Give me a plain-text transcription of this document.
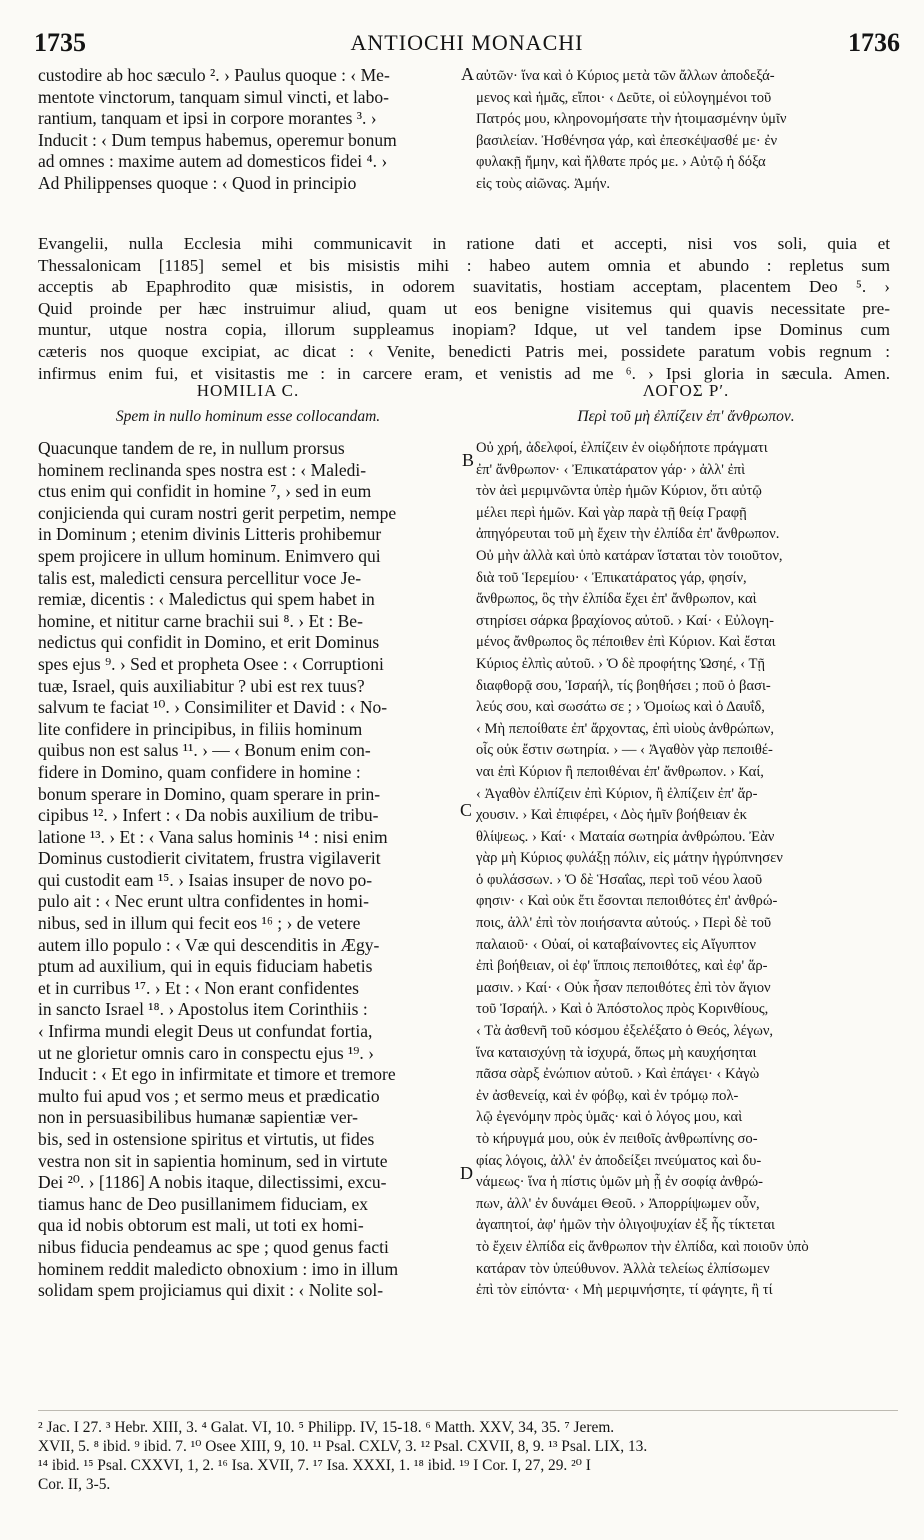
1735	ANTIOCHI MONACHI	1736
custodire ab hoc sæculo ². › Paulus quoque : ‹ Me-
mentote vinctorum, tanquam simul vincti, et labo-
rantium, tanquam et ipsi in corpore morantes ³. ›
Inducit : ‹ Dum tempus habemus, operemur bonum
ad omnes : maxime autem ad domesticos fidei ⁴. ›
Ad Philippenses quoque : ‹ Quod in principio
A αὐτῶν· ἵνα καὶ ὁ Κύριος μετὰ τῶν ἄλλων ἀποδεξά-
μενος καὶ ἡμᾶς, εἴποι· ‹ Δεῦτε, οἱ εὐλογημένοι τοῦ
Πατρός μου, κληρονομήσατε τὴν ἡτοιμασμένην ὑμῖν
βασιλείαν. Ἠσθένησα γάρ, καὶ ἐπεσκέψασθέ με· ἐν
φυλακῇ ἤμην, καὶ ἤλθατε πρός με. › Αὐτῷ ἡ δόξα
εἰς τοὺς αἰῶνας. Ἀμήν.
Evangelii, nulla Ecclesia mihi communicavit in ratione dati et accepti, nisi vos soli, quia et
Thessalonicam [1185] semel et bis misistis mihi : habeo autem omnia et abundo : repletus sum
acceptis ab Epaphrodito quæ misistis, in odorem suavitatis, hostiam acceptam, placentem Deo ⁵. ›
Quid proinde per hæc instruimur aliud, quam ut eos benigne visitemus qui quavis necessitate pre-
muntur, utque nostra copia, illorum suppleamus inopiam? Idque, ut vel tandem ipse Dominus cum
cæteris nos quoque excipiat, ac dicat : ‹ Venite, benedicti Patris mei, possidete paratum vobis regnum :
infirmus enim fui, et visitastis me : in carcere eram, et venistis ad me ⁶. › Ipsi gloria in sæcula. Amen.
HOMILIA C.
Spem in nullo hominum esse collocandam.
ΛΟΓΟΣ Ρʹ.
Περὶ τοῦ μὴ ἐλπίζειν ἐπ' ἄνθρωπον.
Quacunque tandem de re, in nullum prorsus
hominem reclinanda spes nostra est : ‹ Maledi-
ctus enim qui confidit in homine ⁷, › sed in eum
conjicienda qui curam nostri gerit perpetim, nempe
in Dominum ; etenim divinis Litteris prohibemur
spem projicere in ullum hominum. Enimvero qui
talis est, maledicti censura percellitur voce Je-
remiæ, dicentis : ‹ Maledictus qui spem habet in
homine, et nititur carne brachii sui ⁸. › Et : Be-
nedictus qui confidit in Domino, et erit Dominus
spes ejus ⁹. › Sed et propheta Osee : ‹ Corruptioni
tuæ, Israel, quis auxiliabitur ? ubi est rex tuus?
salvum te faciat ¹⁰. › Consimiliter et David : ‹ No-
lite confidere in principibus, in filiis hominum
quibus non est salus ¹¹. › — ‹ Bonum enim con-
fidere in Domino, quam confidere in homine :
bonum sperare in Domino, quam sperare in prin-
cipibus ¹². › Infert : ‹ Da nobis auxilium de tribu-
latione ¹³. › Et : ‹ Vana salus hominis ¹⁴ : nisi enim
Dominus custodierit civitatem, frustra vigilaverit
qui custodit eam ¹⁵. › Isaias insuper de novo po-
pulo ait : ‹ Nec erunt ultra confidentes in homi-
nibus, sed in illum qui fecit eos ¹⁶ ; › de vetere
autem illo populo : ‹ Væ qui descenditis in Ægy-
ptum ad auxilium, qui in equis fiduciam habetis
et in curribus ¹⁷. › Et : ‹ Non erant confidentes
in sancto Israel ¹⁸. › Apostolus item Corinthiis :
‹ Infirma mundi elegit Deus ut confundat fortia,
ut ne glorietur omnis caro in conspectu ejus ¹⁹. ›
Inducit : ‹ Et ego in infirmitate et timore et tremore
multo fui apud vos ; et sermo meus et prædicatio
non in persuasibilibus humanæ sapientiæ ver-
bis, sed in ostensione spiritus et virtutis, ut fides
vestra non sit in sapientia hominum, sed in virtute
Dei ²⁰. › [1186] A nobis itaque, dilectissimi, excu-
tiamus hanc de Deo pusillanimem fiduciam, ex
qua id nobis obtorum est mali, ut toti ex homi-
nibus fiducia pendeamus ac spe ; quod genus facti
hominem reddit maledicto obnoxium : imo in illum
solidam spem projiciamus qui dixit : ‹ Nolite sol-
B
C
D
Οὐ χρή, ἀδελφοί, ἐλπίζειν ἐν οἱῳδήποτε πράγματι
ἐπ' ἄνθρωπον· ‹ Ἐπικατάρατον γάρ· › ἀλλ' ἐπὶ
τὸν ἀεὶ μεριμνῶντα ὑπὲρ ἡμῶν Κύριον, ὅτι αὐτῷ
μέλει περὶ ἡμῶν. Καὶ γὰρ παρὰ τῇ θείᾳ Γραφῇ
ἀπηγόρευται τοῦ μὴ ἔχειν τὴν ἐλπίδα ἐπ' ἄνθρωπον.
Οὐ μὴν ἀλλὰ καὶ ὑπὸ κατάραν ἵσταται τὸν τοιοῦτον,
διὰ τοῦ Ἱερεμίου· ‹ Ἐπικατάρατος γάρ, φησίν,
ἄνθρωπος, ὃς τὴν ἐλπίδα ἔχει ἐπ' ἄνθρωπον, καὶ
στηρίσει σάρκα βραχίονος αὐτοῦ. › Καί· ‹ Εὐλογη-
μένος ἄνθρωπος ὃς πέποιθεν ἐπὶ Κύριον. Καὶ ἔσται
Κύριος ἐλπὶς αὐτοῦ. › Ὁ δὲ προφήτης Ὠσηέ, ‹ Τῇ
διαφθορᾷ σου, Ἰσραήλ, τίς βοηθήσει ; ποῦ ὁ βασι-
λεύς σου, καὶ σωσάτω σε ; › Ὁμοίως καὶ ὁ Δαυΐδ,
‹ Μὴ πεποίθατε ἐπ' ἄρχοντας, ἐπὶ υἱοὺς ἀνθρώπων,
οἷς οὐκ ἔστιν σωτηρία. › — ‹ Ἀγαθὸν γὰρ πεποιθέ-
ναι ἐπὶ Κύριον ἢ πεποιθέναι ἐπ' ἄνθρωπον. › Καί,
‹ Ἀγαθὸν ἐλπίζειν ἐπὶ Κύριον, ἢ ἐλπίζειν ἐπ' ἄρ-
χουσιν. › Καὶ ἐπιφέρει, ‹ Δὸς ἡμῖν βοήθειαν ἐκ
θλίψεως. › Καί· ‹ Ματαία σωτηρία ἀνθρώπου. Ἐὰν
γὰρ μὴ Κύριος φυλάξῃ πόλιν, εἰς μάτην ἠγρύπνησεν
ὁ φυλάσσων. › Ὁ δὲ Ἡσαΐας, περὶ τοῦ νέου λαοῦ
φησιν· ‹ Καὶ οὐκ ἔτι ἔσονται πεποιθότες ἐπ' ἀνθρώ-
ποις, ἀλλ' ἐπὶ τὸν ποιήσαντα αὐτούς. › Περὶ δὲ τοῦ
παλαιοῦ· ‹ Οὐαί, οἱ καταβαίνοντες εἰς Αἴγυπτον
ἐπὶ βοήθειαν, οἱ ἐφ' ἵπποις πεποιθότες, καὶ ἐφ' ἅρ-
μασιν. › Καί· ‹ Οὐκ ἦσαν πεποιθότες ἐπὶ τὸν ἅγιον
τοῦ Ἰσραήλ. › Καὶ ὁ Ἀπόστολος πρὸς Κορινθίους,
‹ Τὰ ἀσθενῆ τοῦ κόσμου ἐξελέξατο ὁ Θεός, λέγων,
ἵνα καταισχύνῃ τὰ ἰσχυρά, ὅπως μὴ καυχήσηται
πᾶσα σὰρξ ἐνώπιον αὐτοῦ. › Καὶ ἐπάγει· ‹ Κἀγὼ
ἐν ἀσθενείᾳ, καὶ ἐν φόβῳ, καὶ ἐν τρόμῳ πολ-
λῷ ἐγενόμην πρὸς ὑμᾶς· καὶ ὁ λόγος μου, καὶ
τὸ κήρυγμά μου, οὐκ ἐν πειθοῖς ἀνθρωπίνης σο-
φίας λόγοις, ἀλλ' ἐν ἀποδείξει πνεύματος καὶ δυ-
νάμεως· ἵνα ἡ πίστις ὑμῶν μὴ ᾖ ἐν σοφίᾳ ἀνθρώ-
πων, ἀλλ' ἐν δυνάμει Θεοῦ. › Ἀπορρίψωμεν οὖν,
ἀγαπητοί, ἀφ' ἡμῶν τὴν ὀλιγοψυχίαν ἐξ ἧς τίκτεται
τὸ ἔχειν ἐλπίδα εἰς ἄνθρωπον τὴν ἐλπίδα, καὶ ποιοῦν ὑπὸ
κατάραν τὸν ὑπεύθυνον. Ἀλλὰ τελείως ἐλπίσωμεν
ἐπὶ τὸν εἰπόντα· ‹ Μὴ μεριμνήσητε, τί φάγητε, ἢ τί
² Jac. I 27. ³ Hebr. XIII, 3. ⁴ Galat. VI, 10. ⁵ Philipp. IV, 15-18. ⁶ Matth. XXV, 34, 35. ⁷ Jerem.
XVII, 5. ⁸ ibid. ⁹ ibid. 7. ¹⁰ Osee XIII, 9, 10. ¹¹ Psal. CXLV, 3. ¹² Psal. CXVII, 8, 9. ¹³ Psal. LIX, 13.
¹⁴ ibid. ¹⁵ Psal. CXXVI, 1, 2. ¹⁶ Isa. XVII, 7. ¹⁷ Isa. XXXI, 1. ¹⁸ ibid. ¹⁹ I Cor. I, 27, 29. ²⁰ I
Cor. II, 3-5.
